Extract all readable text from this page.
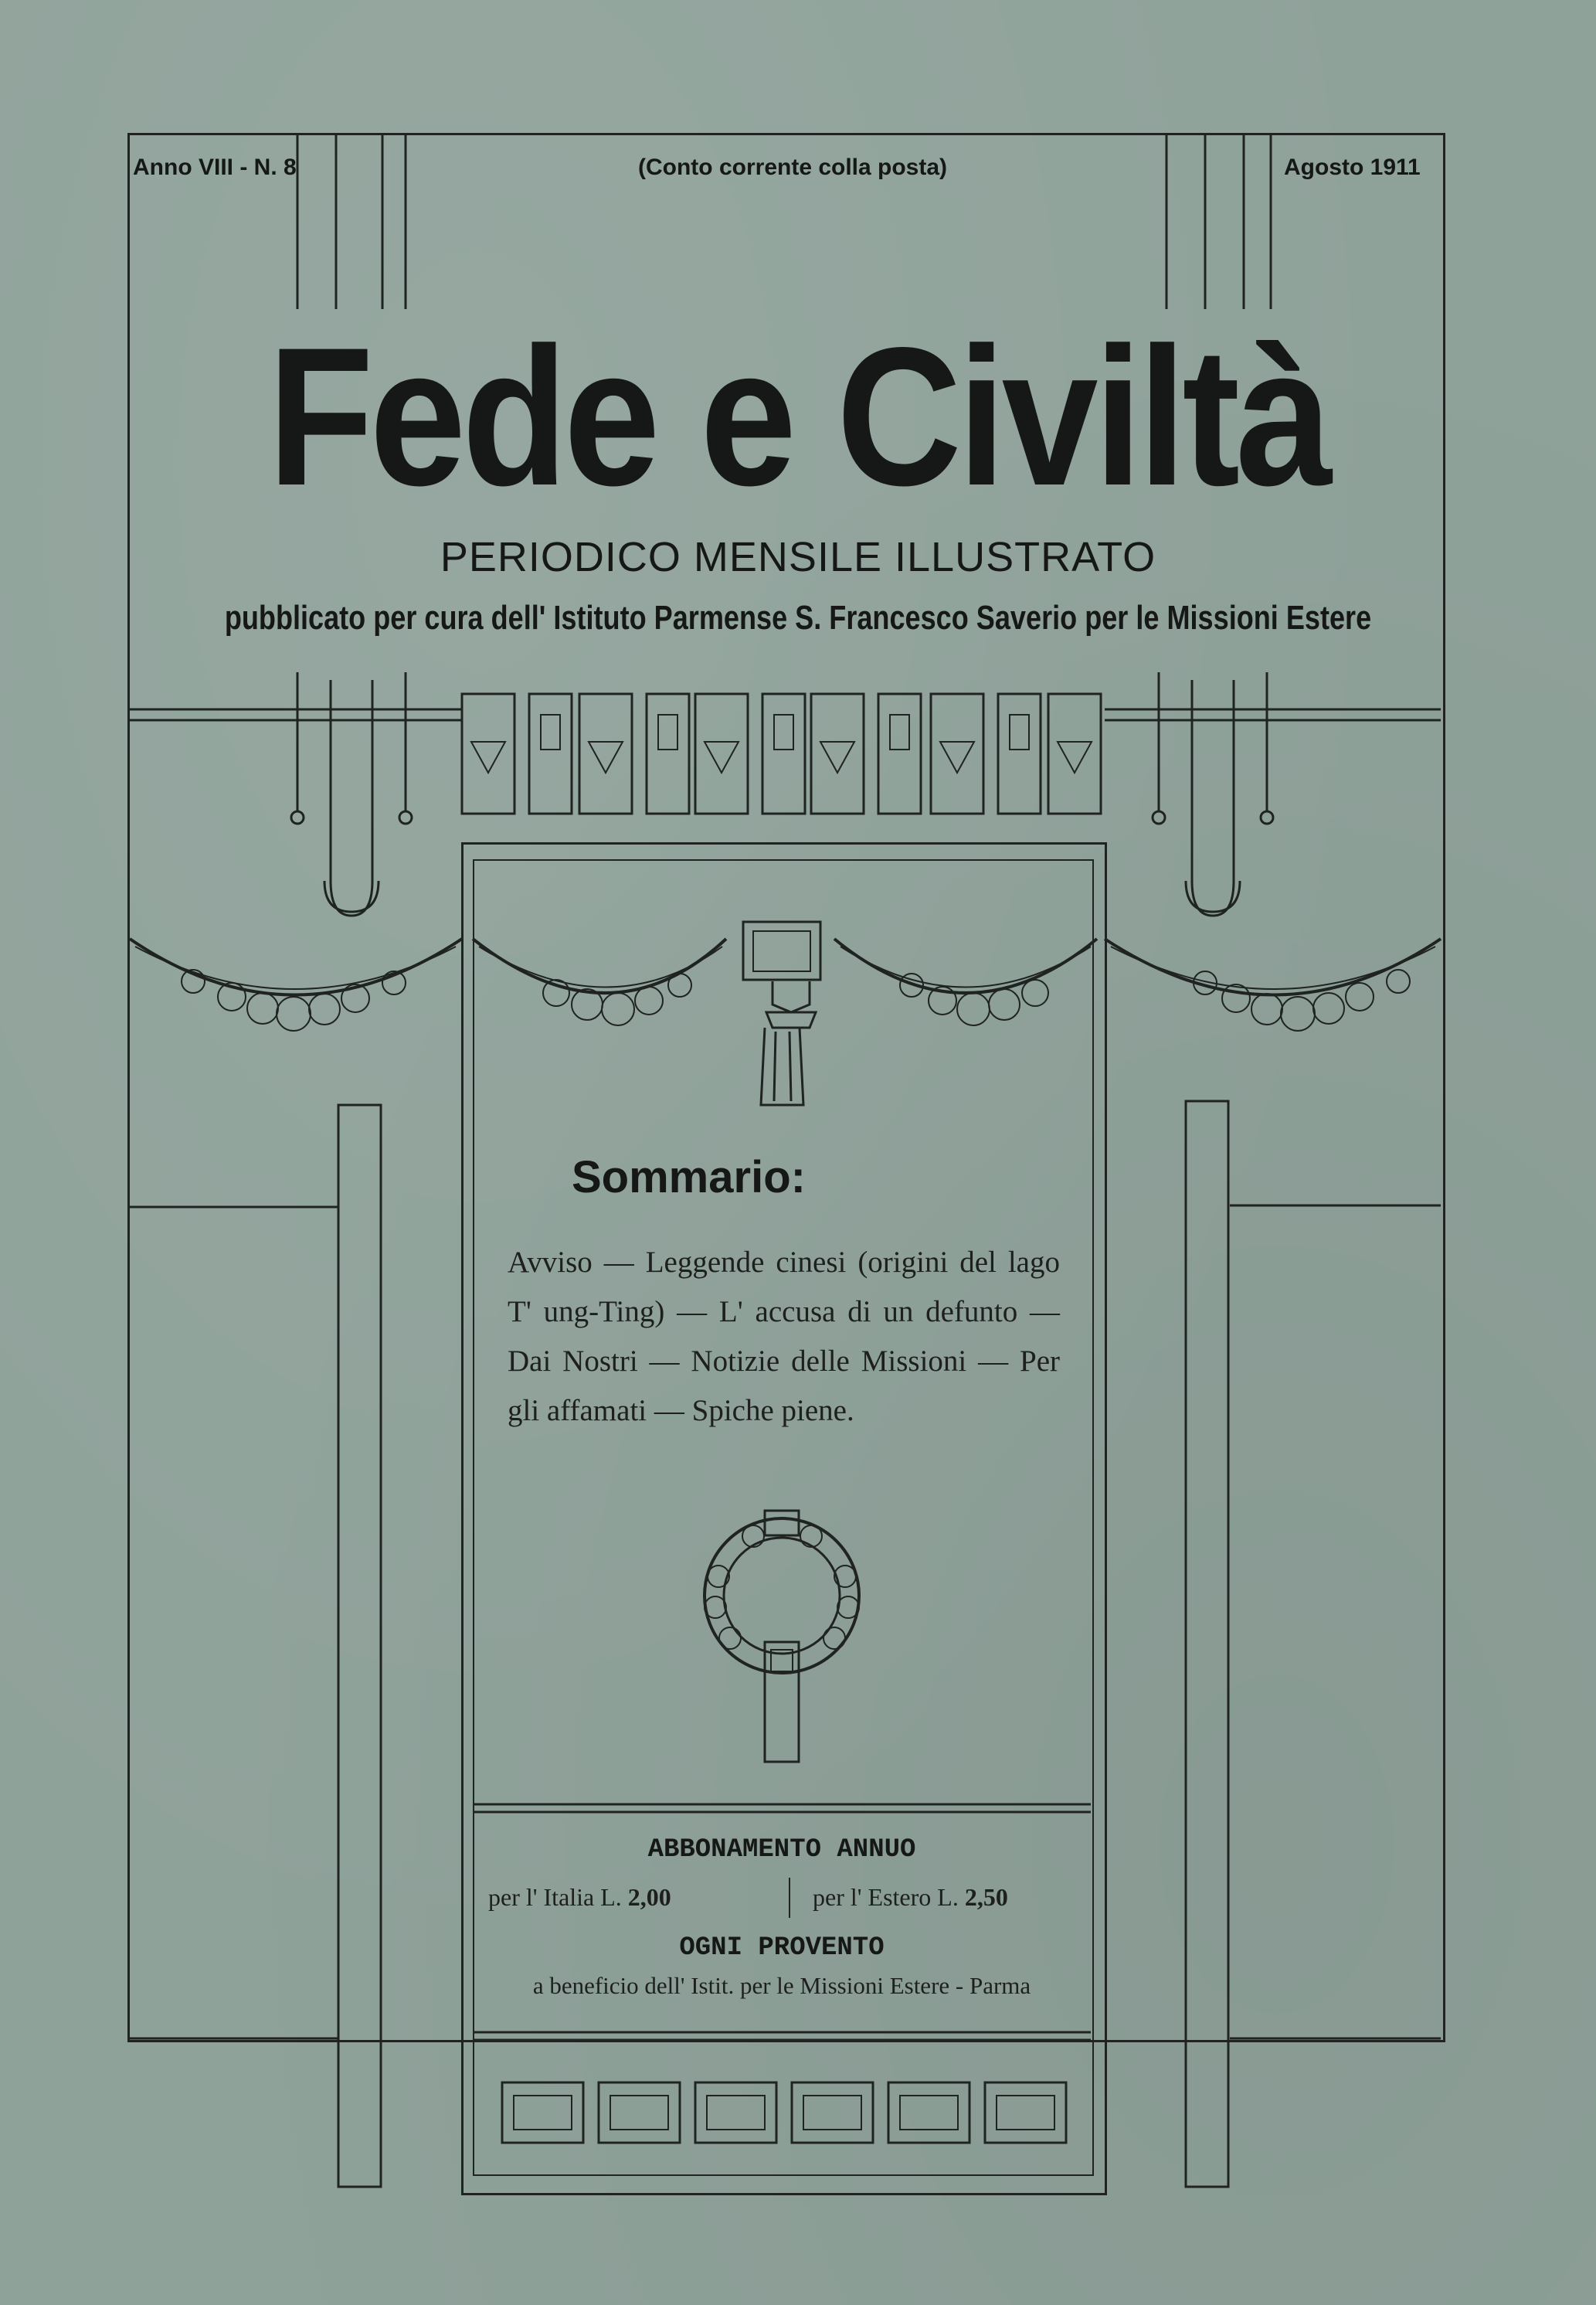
Anno VIII - N. 8	(Conto corrente colla posta)	Agosto 1911
Fede e Civiltà
PERIODICO MENSILE ILLUSTRATO
pubblicato per cura dell' Istituto Parmense S. Francesco Saverio per le Missioni Estere
Sommario:
Avviso — Leggende cinesi (origini del lago T' ung-Ting) — L' accusa di un defunto — Dai Nostri — Notizie delle Missioni — Per gli affamati — Spiche piene.
ABBONAMENTO ANNUO
per l' Italia L. 2,00	per l' Estero L. 2,50
OGNI PROVENTO
a beneficio dell' Istit. per le Missioni Estere - Parma
